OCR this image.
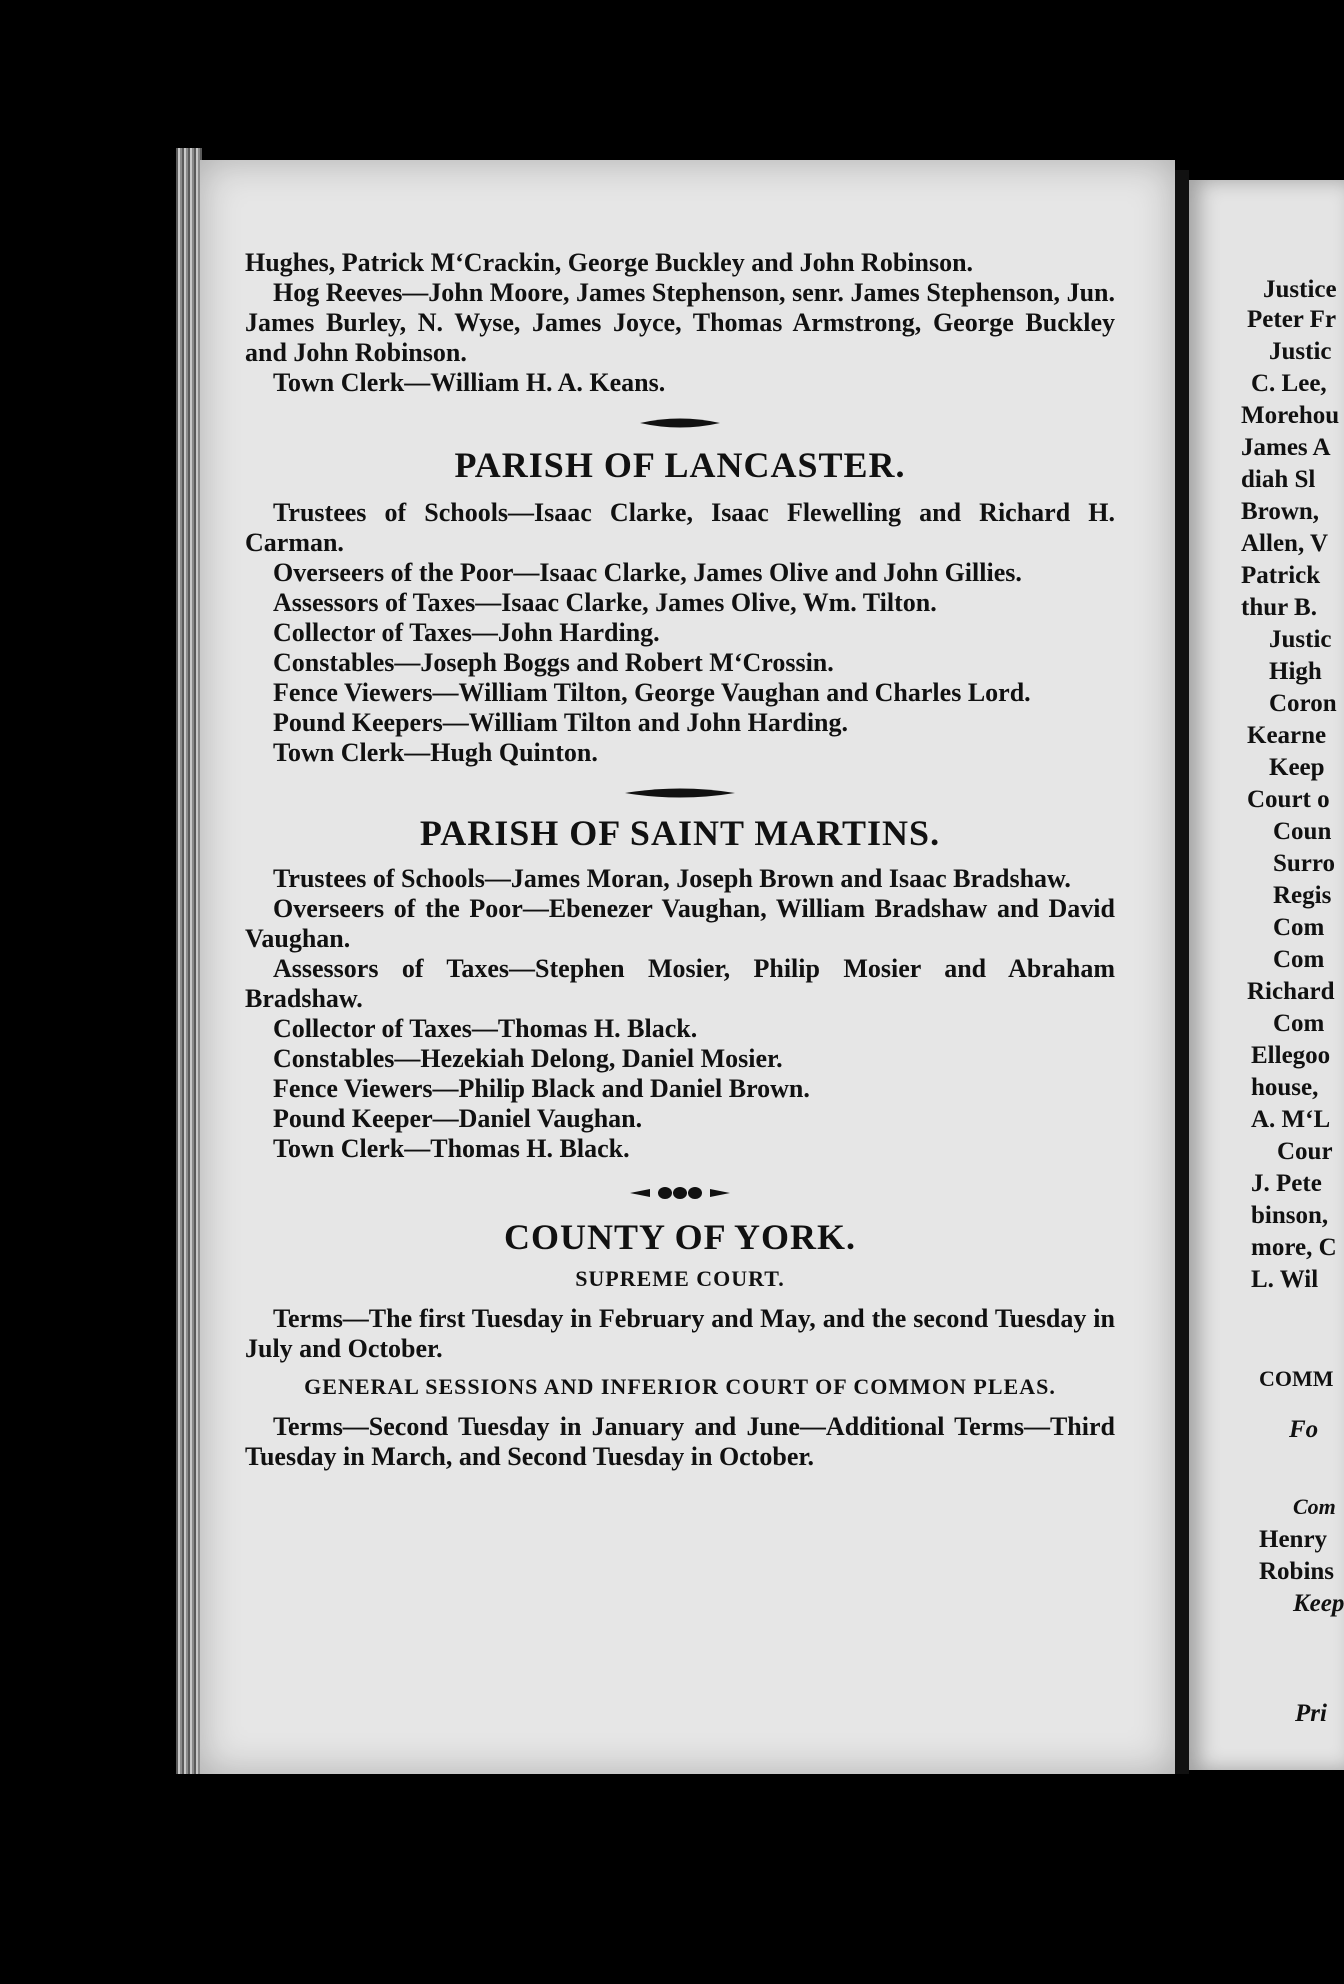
Hughes, Patrick M‘Crackin, George Buckley and John Robinson.

Hog Reeves—John Moore, James Stephenson, senr. James Stephenson, Jun. James Burley, N. Wyse, James Joyce, Thomas Armstrong, George Buckley and John Robinson.

Town Clerk—William H. A. Keans.

PARISH OF LANCASTER.

Trustees of Schools—Isaac Clarke, Isaac Flewelling and Richard H. Carman.

Overseers of the Poor—Isaac Clarke, James Olive and John Gillies.

Assessors of Taxes—Isaac Clarke, James Olive, Wm. Tilton.

Collector of Taxes—John Harding.

Constables—Joseph Boggs and Robert M‘Crossin.

Fence Viewers—William Tilton, George Vaughan and Charles Lord.

Pound Keepers—William Tilton and John Harding.

Town Clerk—Hugh Quinton.

PARISH OF SAINT MARTINS.

Trustees of Schools—James Moran, Joseph Brown and Isaac Bradshaw.

Overseers of the Poor—Ebenezer Vaughan, William Bradshaw and David Vaughan.

Assessors of Taxes—Stephen Mosier, Philip Mosier and Abraham Bradshaw.

Collector of Taxes—Thomas H. Black.

Constables—Hezekiah Delong, Daniel Mosier.

Fence Viewers—Philip Black and Daniel Brown.

Pound Keeper—Daniel Vaughan.

Town Clerk—Thomas H. Black.

COUNTY OF YORK.
SUPREME COURT.

Terms—The first Tuesday in February and May, and the second Tuesday in July and October.

GENERAL SESSIONS AND INFERIOR COURT OF COMMON PLEAS.

Terms—Second Tuesday in January and June—Additional Terms—Third Tuesday in March, and Second Tuesday in October.

Justice
Peter Fr
Justic
C. Lee,
Morehou
James A
diah Sl
Brown,
Allen, V
Patrick
thur B.
Justic
High
Coron
Kearne
Keep
Court o
Coun
Surro
Regis
Com
Com
Richard
Com
Ellegoo
house,
A. M‘L
Cour
J. Pete
binson,
more, C
L. Wil
COMM
Fo
Com
Henry
Robins
Keep
Pri
